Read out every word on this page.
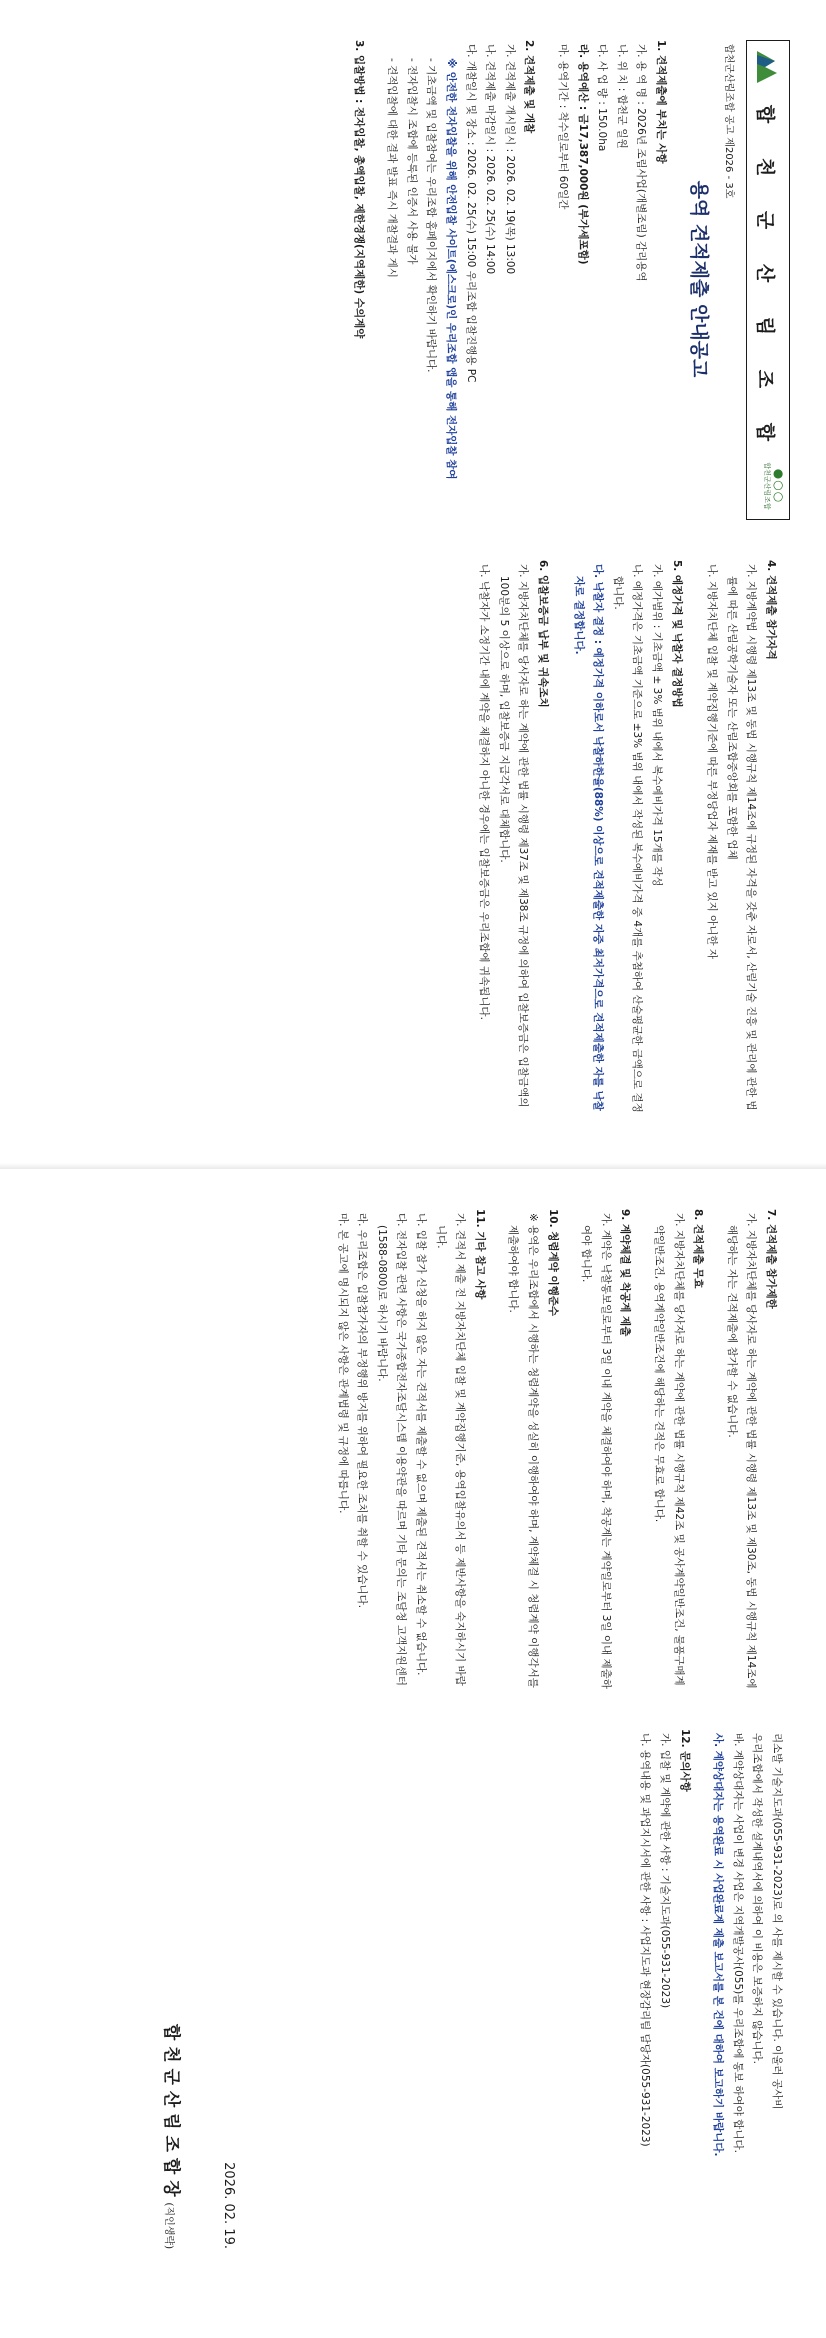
합 천 군 산 림 조 합
●○○
합천군산림조합
합천군산림조합 공고 제2026 - 3호
용역 견적제출 안내공고

1. 견적제출에 부치는 사항

가. 용 역 명 : 2026년 조림사업(개별조림) 감리용역

나. 위 치 : 합천군 일원

다. 사 업 량 : 150.0ha

라. 용역예산 : 금17,387,000원 (부가세포함)

마. 용역기간 : 착수일로부터 60일간

2. 견적제출 및 개찰

가. 견적제출 개시일시 : 2026. 02. 19(목) 13:00

나. 견적제출 마감일시 : 2026. 02. 25(수) 14:00

다. 개찰일시 및 장소 : 2026. 02. 25(수) 15:00 우리조합 입찰진행용 PC

※ 안전한 전자입찰을 위해 안전입찰 사이트(에스크로)인 우리조합 앱을 통해 전자입찰 참여

- 기초금액 및 입찰참여는 우리조합 홈페이지에서 확인하기 바랍니다.

- 전자입찰시 조합에 등록된 인증서 사용 불가

- 견적입찰에 대한 결과 발표 즉시 개찰결과 게시

3. 입찰방법 : 전자입찰, 총액입찰, 제한경쟁(지역제한) 수의계약

4. 견적제출 참가자격

가. 지방계약법 시행령 제13조 및 동법 시행규칙 제14조에 규정된 자격을 갖춘 자로서, 산림기술 진흥 및 관리에 관한 법률에 따른 산림공학기술자 또는 산림조합중앙회를 포함한 업체

나. 지방자치단체 입찰 및 계약집행기준에 따른 부정당업자 제재를 받고 있지 아니한 자

5. 예정가격 및 낙찰자 결정방법

가. 예가범위 : 기초금액 ± 3% 범위 내에서 복수예비가격 15개를 작성

나. 예정가격은 기초금액 기준으로 ±3% 범위 내에서 작성된 복수예비가격 중 4개를 추첨하여 산술평균한 금액으로 결정합니다.

다. 낙찰자 결정 : 예정가격 이하로서 낙찰하한율(88%) 이상으로 견적제출한 자중 최저가격으로 견적제출한 자를 낙찰자로 결정합니다.

6. 입찰보증금 납부 및 귀속조치

가. 지방자치단체를 당사자로 하는 계약에 관한 법률 시행령 제37조 및 제38조 규정에 의하여 입찰보증금은 입찰금액의 100분의 5 이상으로 하며, 입찰보증금 지급각서로 대체합니다.

나. 낙찰자가 소정기간 내에 계약을 체결하지 아니한 경우에는 입찰보증금은 우리조합에 귀속됩니다.

7. 견적제출 참가제한

가. 지방자치단체를 당사자로 하는 계약에 관한 법률 시행령 제13조 및 제30조, 동법 시행규칙 제14조에 해당하는 자는 견적제출에 참가할 수 없습니다.

8. 견적제출 무효

가. 지방자치단체를 당사자로 하는 계약에 관한 법률 시행규칙 제42조 및 공사계약일반조건, 물품구매계약일반조건, 용역계약일반조건에 해당하는 견적은 무효로 합니다.

9. 계약체결 및 착공계 제출

가. 계약은 낙찰통보일로부터 3일 이내 계약을 체결하여야 하며, 착공계는 계약일로부터 3일 이내 제출하여야 합니다.

10. 청렴계약 이행준수

※ 용역은 우리조합에서 시행하는 청렴계약을 성실히 이행하여야 하며, 계약체결 시 청렴계약 이행각서를 제출하여야 합니다.

11. 기타 참고 사항

가. 견적서 제출 전 지방자치단체 입찰 및 계약집행기준, 용역입찰유의서 등 제반사항을 숙지하시기 바랍니다.

나. 입찰 참가 신청을 하지 않은 자는 견적서를 제출할 수 없으며 제출된 견적서는 취소할 수 없습니다.

다. 전자입찰 관련 사항은 국가종합전자조달시스템 이용약관을 따르며 기타 문의는 조달청 고객지원센터(1588-0800)로 하시기 바랍니다.

라. 우리조합은 입찰참가자의 부정행위 방지를 위하여 필요한 조치를 취할 수 있습니다.

마. 본 공고에 명시되지 않은 사항은 관계법령 및 규정에 따릅니다.

리소발 기술지도과(055-931-2023)로 의 사를 제시할 수 있습니다. 이울러 공사비

우리조합에서 작성한 설계내역서에 의하여 이 비용은 보증하지 않습니다.

바. 계약상대자는 사업이 변경 사업은 지역개발공사(055)를 우리조합에 통보 하여야 합니다.

사. 계약상대자는 용역완료 시 사업완료계 제출 보고서를 본 건에 대하여 보고하기 바랍니다.

12. 문의사항

가. 입찰 및 계약에 관한 사항 : 기술지도과(055-931-2023)

나. 용역내용 및 과업지시서에 관한 사항 : 사업지도과 현장감리팀 담당자(055-931-2023)

2026. 02. 19.
합 천 군 산 림 조 합 장 (직인생략)
